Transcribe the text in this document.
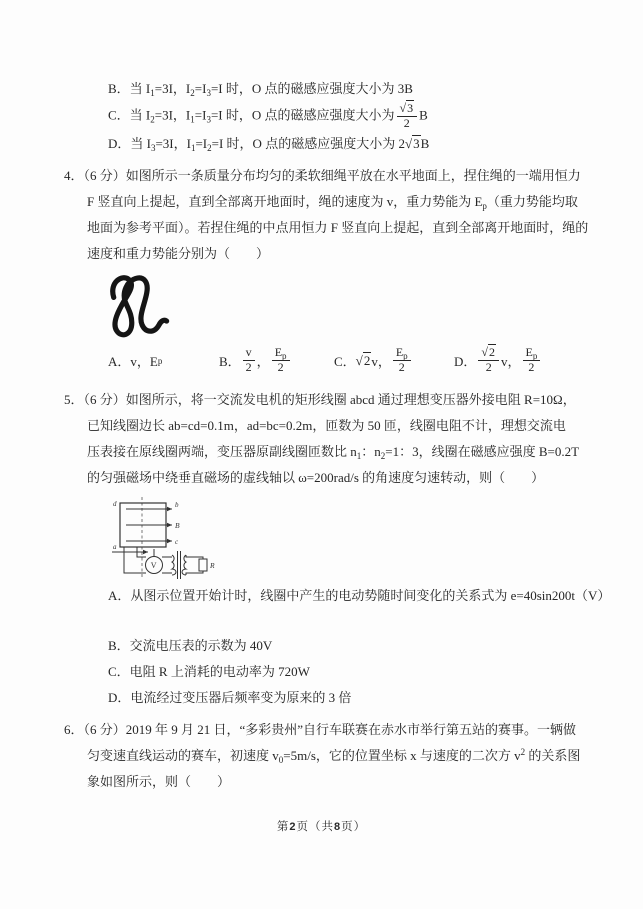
B．当 $I_1=3I$，$I_2=I_3=I$ 时，O 点的磁感应强度大小为 3B
C．当 $I_2=3I$，$I_1=I_3=I$ 时，O 点的磁感应强度大小为 $\frac{√3}{2}$ B
D．当 $I_3=3I$，$I_1=I_2=I$ 时，O 点的磁感应强度大小为 2√3B
4．（6 分）如图所示一条质量分布均匀的柔软细绳平放在水平地面上，捏住绳的一端用恒力
F 竖直向上提起，直到全部离开地面时，绳的速度为 v，重力势能为 $E_p$（重力势能均取
地面为参考平面）。若捏住绳的中点用恒力 F 竖直向上提起，直到全部离开地面时，绳的
速度和重力势能分别为（　　）
A．v，E p	B． $\frac{v}{2}$ ， $\frac{E_p}{2}$	C． √2 v， $\frac{E_p}{2}$	D． $\frac{√2}{2}$ v， $\frac{E_p}{2}$
5．（6 分）如图所示，将一交流发电机的矩形线圈 abcd 通过理想变压器外接电阻 R=10Ω，
已知线圈边长 ab=cd=0.1m，ad=bc=0.2m，匝数为 50 匝，线圈电阻不计，理想交流电
压表接在原线圈两端，变压器原副线圈匝数比 $n_1$：$n_2=1$：3，线圈在磁感应强度 B=0.2T
的匀强磁场中绕垂直磁场的虚线轴以 ω=200rad/s 的角速度匀速转动，则（　　）
d
a
b
B
c
V	R
A．从图示位置开始计时，线圈中产生的电动势随时间变化的关系式为 e=40sin200t（V）
B．交流电压表的示数为 40V
C．电阻 R 上消耗的电动率为 720W
D．电流经过变压器后频率变为原来的 3 倍
6．（6 分）2019 年 9 月 21 日，“多彩贵州”自行车联赛在赤水市举行第五站的赛事。一辆做
匀变速直线运动的赛车，初速度 $v_0=5m/s$，它的位置坐标 x 与速度的二次方 $v^2$ 的关系图
象如图所示，则（　　）
第2页（共8页）
